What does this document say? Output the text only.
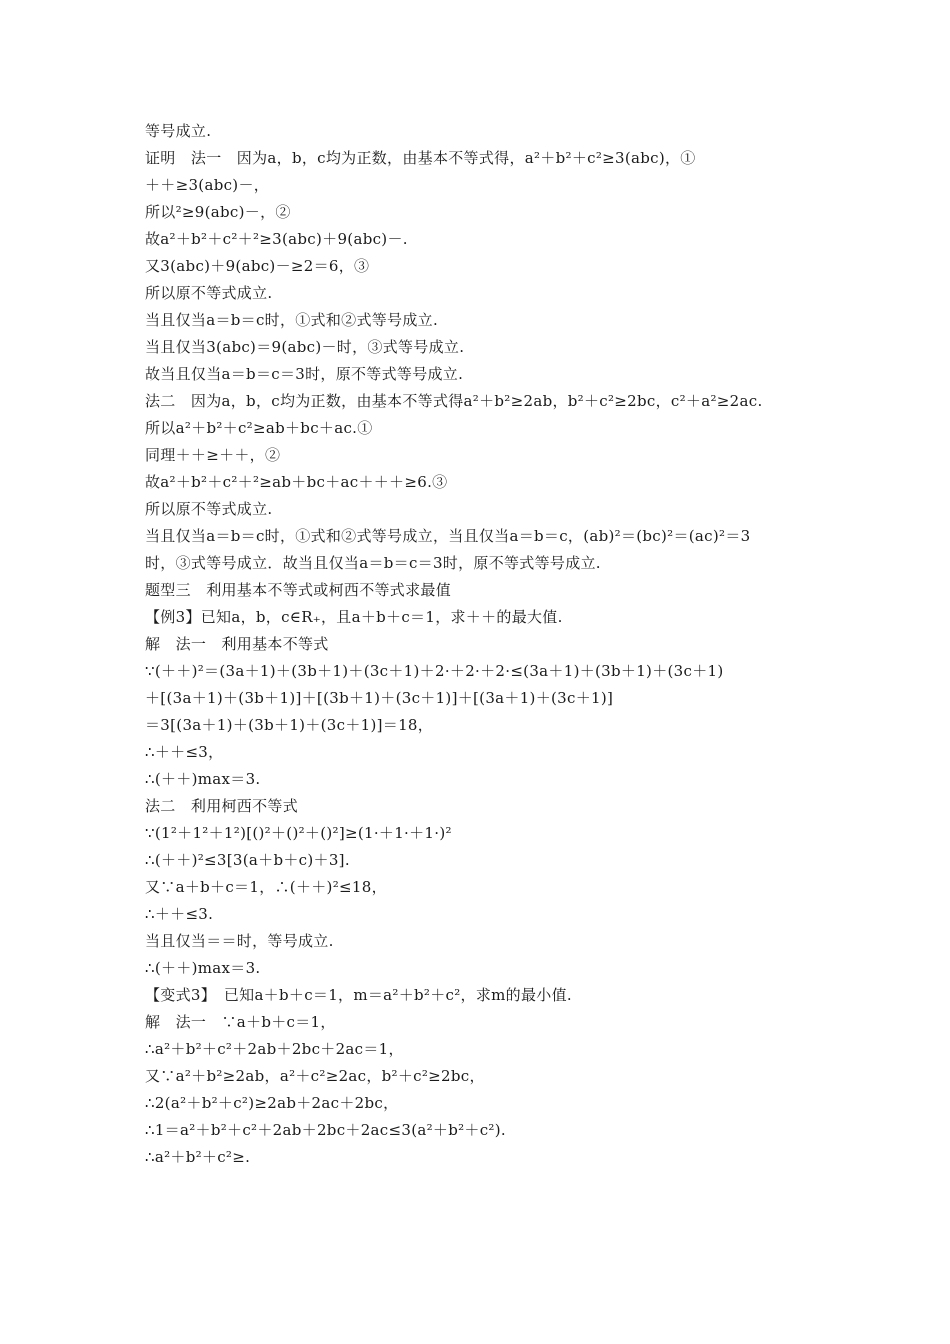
等号成立.
证明　法一　因为a，b，c均为正数，由基本不等式得，a²＋b²＋c²≥3(abc)，①
＋＋≥3(abc)－，
所以²≥9(abc)－，②
故a²＋b²＋c²＋²≥3(abc)＋9(abc)－.
又3(abc)＋9(abc)－≥2＝6，③
所以原不等式成立.
当且仅当a＝b＝c时，①式和②式等号成立.
当且仅当3(abc)＝9(abc)－时，③式等号成立.
故当且仅当a＝b＝c＝3时，原不等式等号成立.
法二　因为a，b，c均为正数，由基本不等式得a²＋b²≥2ab，b²＋c²≥2bc，c²＋a²≥2ac.
所以a²＋b²＋c²≥ab＋bc＋ac.①
同理＋＋≥＋＋，②
故a²＋b²＋c²＋²≥ab＋bc＋ac＋＋＋≥6.③
所以原不等式成立.
当且仅当a＝b＝c时，①式和②式等号成立，当且仅当a＝b＝c，(ab)²＝(bc)²＝(ac)²＝3
时，③式等号成立．故当且仅当a＝b＝c＝3时，原不等式等号成立.
题型三　利用基本不等式或柯西不等式求最值
【例3】已知a，b，c∈R₊，且a＋b＋c＝1，求＋＋的最大值.
解　法一　利用基本不等式
∵(＋＋)²＝(3a＋1)＋(3b＋1)＋(3c＋1)＋2·＋2·＋2·≤(3a＋1)＋(3b＋1)＋(3c＋1)
＋[(3a＋1)＋(3b＋1)]＋[(3b＋1)＋(3c＋1)]＋[(3a＋1)＋(3c＋1)]
＝3[(3a＋1)＋(3b＋1)＋(3c＋1)]＝18，
∴＋＋≤3，
∴(＋＋)max＝3.
法二　利用柯西不等式
∵(1²＋1²＋1²)[()²＋()²＋()²]≥(1·＋1·＋1·)²
∴(＋＋)²≤3[3(a＋b＋c)＋3].
又∵a＋b＋c＝1，∴(＋＋)²≤18，
∴＋＋≤3.
当且仅当＝＝时，等号成立.
∴(＋＋)max＝3.
【变式3】　已知a＋b＋c＝1，m＝a²＋b²＋c²，求m的最小值.
解　法一　∵a＋b＋c＝1，
∴a²＋b²＋c²＋2ab＋2bc＋2ac＝1，
又∵a²＋b²≥2ab，a²＋c²≥2ac，b²＋c²≥2bc，
∴2(a²＋b²＋c²)≥2ab＋2ac＋2bc，
∴1＝a²＋b²＋c²＋2ab＋2bc＋2ac≤3(a²＋b²＋c²).
∴a²＋b²＋c²≥.
